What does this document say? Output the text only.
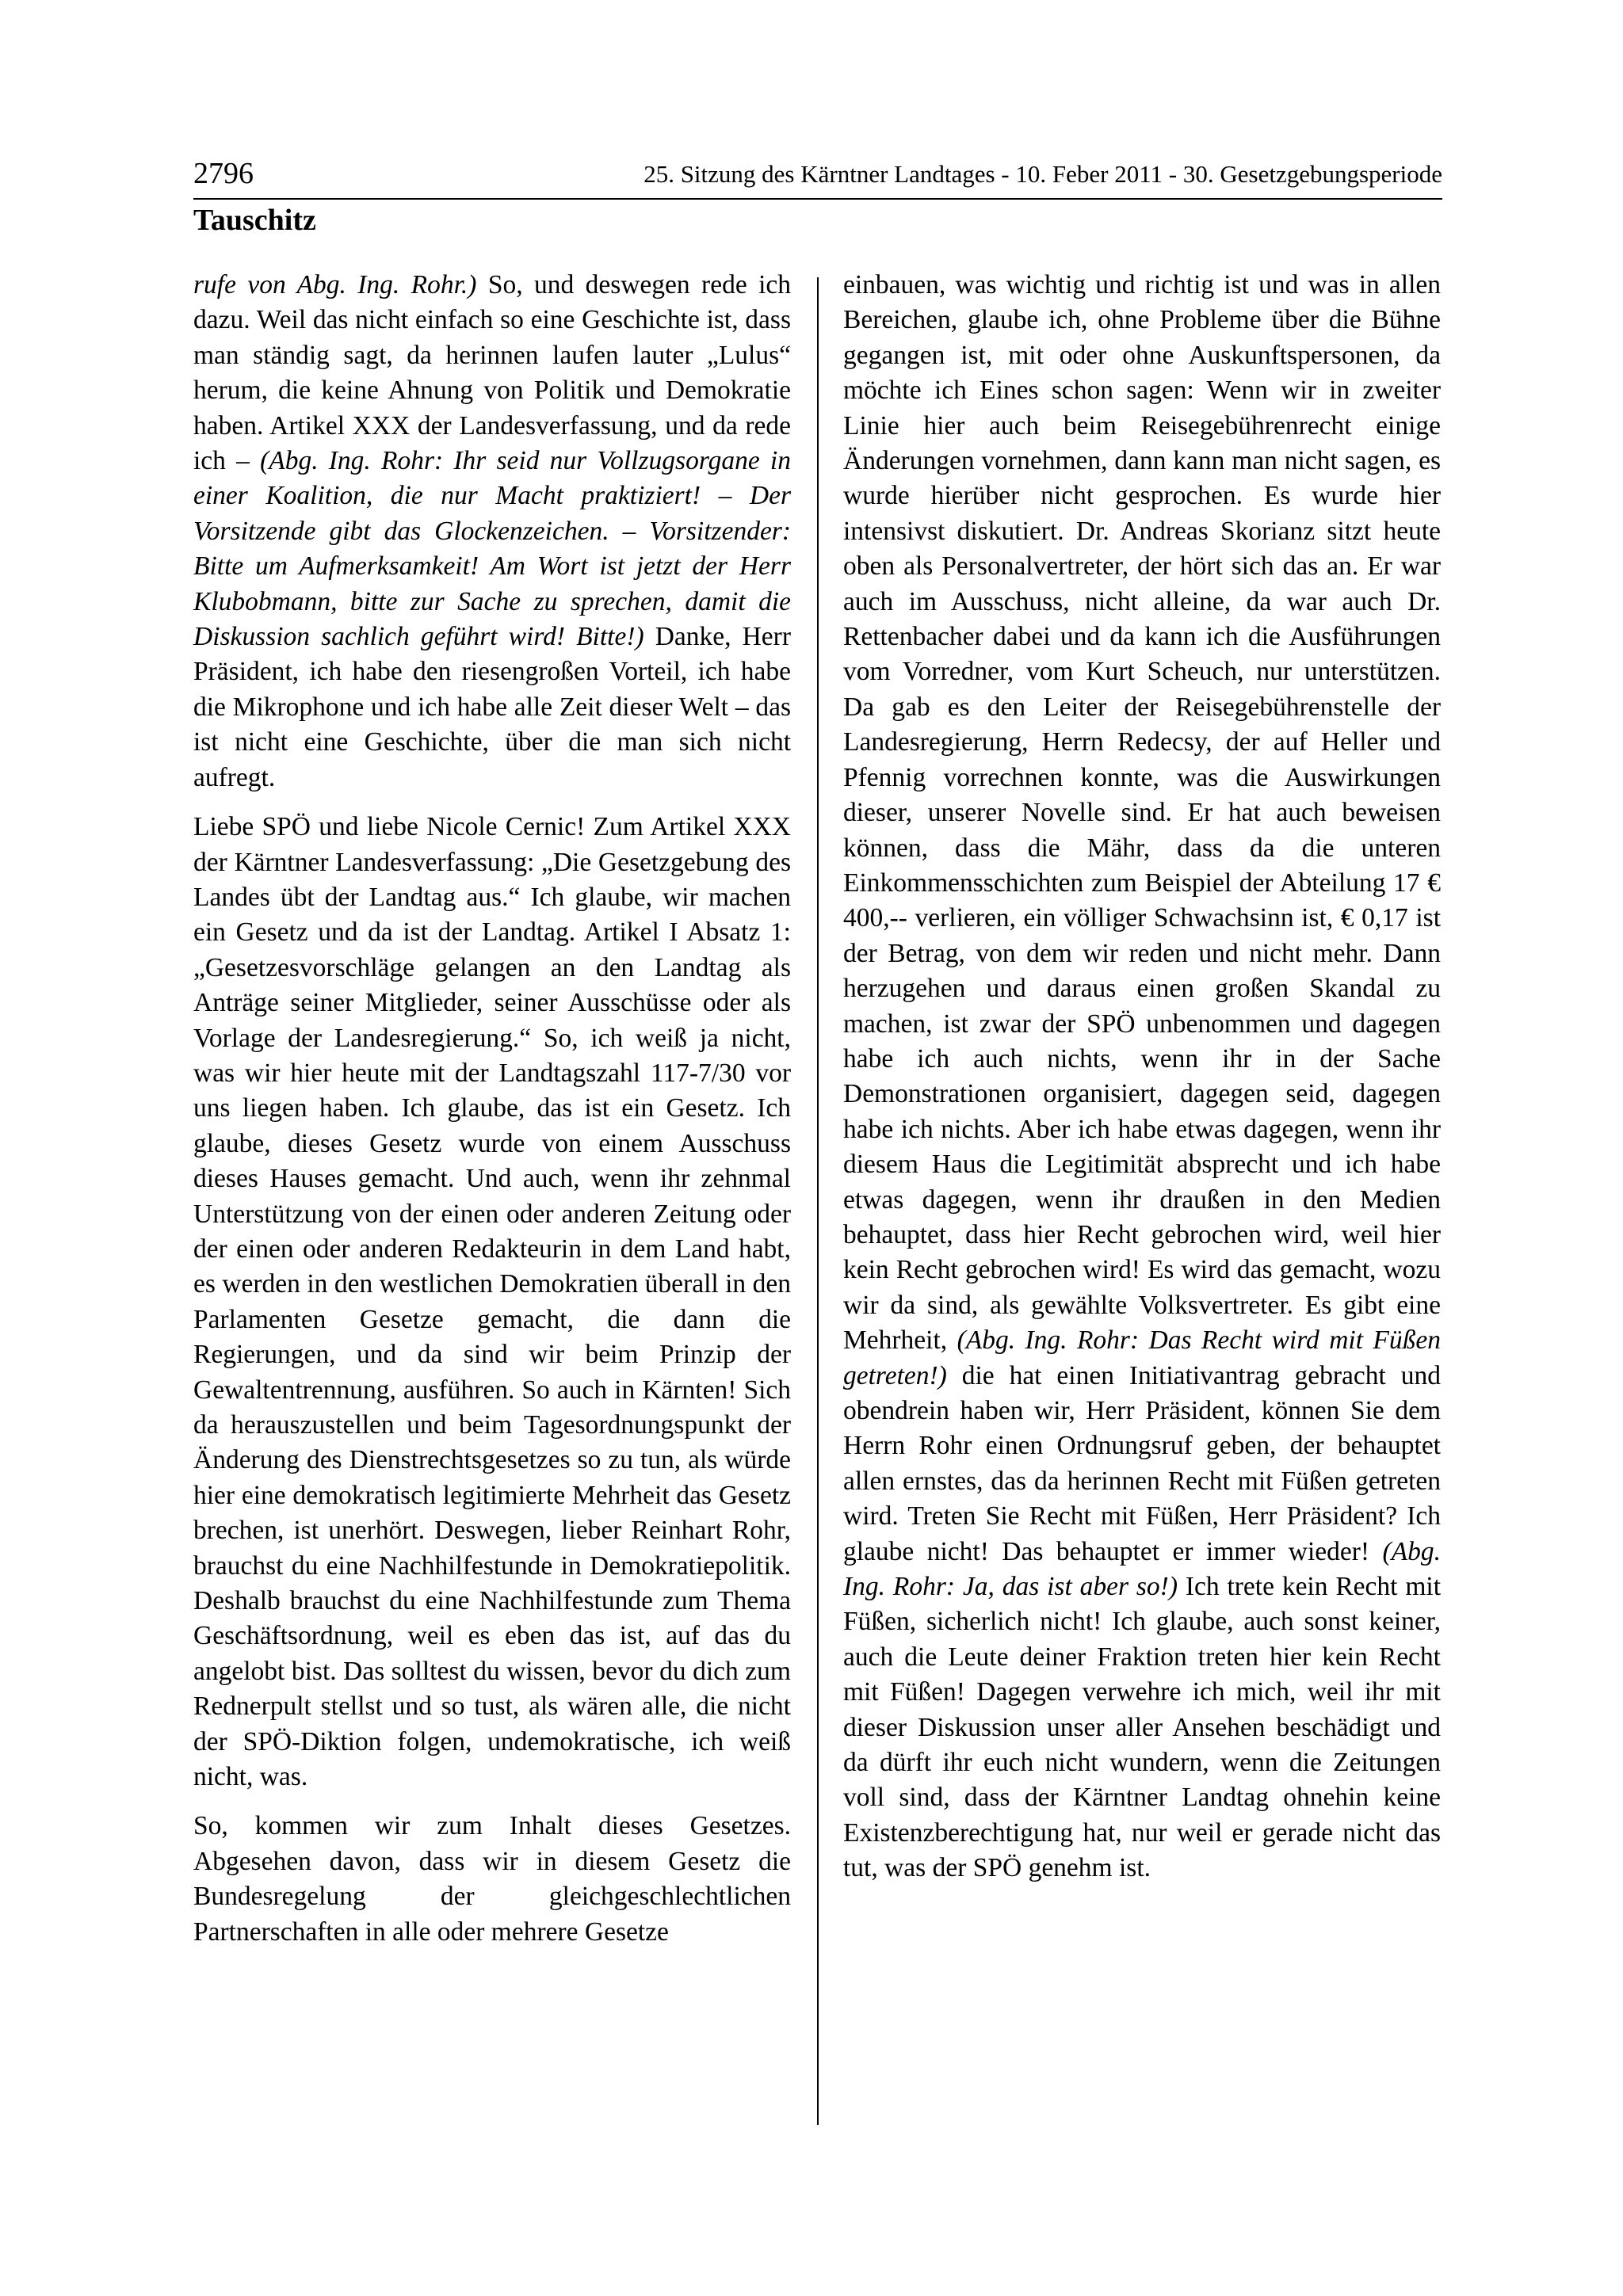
2796	25. Sitzung des Kärntner Landtages - 10. Feber 2011 - 30. Gesetzgebungsperiode
Tauschitz

rufe von Abg. Ing. Rohr.) So, und deswegen rede ich dazu. Weil das nicht einfach so eine Geschichte ist, dass man ständig sagt, da herinnen laufen lauter „Lulus“ herum, die keine Ahnung von Politik und Demokratie haben. Artikel XXX der Landesverfassung, und da rede ich – (Abg. Ing. Rohr: Ihr seid nur Vollzugsorgane in einer Koalition, die nur Macht praktiziert! – Der Vorsitzende gibt das Glockenzeichen. – Vorsitzender: Bitte um Aufmerksamkeit! Am Wort ist jetzt der Herr Klubobmann, bitte zur Sache zu sprechen, damit die Diskussion sachlich geführt wird! Bitte!) Danke, Herr Präsident, ich habe den riesengroßen Vorteil, ich habe die Mikrophone und ich habe alle Zeit dieser Welt – das ist nicht eine Geschichte, über die man sich nicht aufregt.

Liebe SPÖ und liebe Nicole Cernic! Zum Artikel XXX der Kärntner Landesverfassung: „Die Gesetzgebung des Landes übt der Landtag aus.“ Ich glaube, wir machen ein Gesetz und da ist der Landtag. Artikel I Absatz 1: „Gesetzesvorschläge gelangen an den Landtag als Anträge seiner Mitglieder, seiner Ausschüsse oder als Vorlage der Landesregierung.“ So, ich weiß ja nicht, was wir hier heute mit der Landtagszahl 117-7/30 vor uns liegen haben. Ich glaube, das ist ein Gesetz. Ich glaube, dieses Gesetz wurde von einem Ausschuss dieses Hauses gemacht. Und auch, wenn ihr zehnmal Unterstützung von der einen oder anderen Zeitung oder der einen oder anderen Redakteurin in dem Land habt, es werden in den westlichen Demokratien überall in den Parlamenten Gesetze gemacht, die dann die Regierungen, und da sind wir beim Prinzip der Gewaltentrennung, ausführen. So auch in Kärnten! Sich da herauszustellen und beim Tagesordnungspunkt der Änderung des Dienstrechtsgesetzes so zu tun, als würde hier eine demokratisch legitimierte Mehrheit das Gesetz brechen, ist unerhört. Deswegen, lieber Reinhart Rohr, brauchst du eine Nachhilfestunde in Demokratiepolitik. Deshalb brauchst du eine Nachhilfestunde zum Thema Geschäftsordnung, weil es eben das ist, auf das du angelobt bist. Das solltest du wissen, bevor du dich zum Rednerpult stellst und so tust, als wären alle, die nicht der SPÖ-Diktion folgen, undemokratische, ich weiß nicht, was.

So, kommen wir zum Inhalt dieses Gesetzes. Abgesehen davon, dass wir in diesem Gesetz die Bundesregelung der gleichgeschlechtlichen Partnerschaften in alle oder mehrere Gesetze

einbauen, was wichtig und richtig ist und was in allen Bereichen, glaube ich, ohne Probleme über die Bühne gegangen ist, mit oder ohne Auskunftspersonen, da möchte ich Eines schon sagen: Wenn wir in zweiter Linie hier auch beim Reisegebührenrecht einige Änderungen vornehmen, dann kann man nicht sagen, es wurde hierüber nicht gesprochen. Es wurde hier intensivst diskutiert. Dr. Andreas Skorianz sitzt heute oben als Personalvertreter, der hört sich das an. Er war auch im Ausschuss, nicht alleine, da war auch Dr. Rettenbacher dabei und da kann ich die Ausführungen vom Vorredner, vom Kurt Scheuch, nur unterstützen. Da gab es den Leiter der Reisegebührenstelle der Landesregierung, Herrn Redecsy, der auf Heller und Pfennig vorrechnen konnte, was die Auswirkungen dieser, unserer Novelle sind. Er hat auch beweisen können, dass die Mähr, dass da die unteren Einkommensschichten zum Beispiel der Abteilung 17 € 400,-- verlieren, ein völliger Schwachsinn ist, € 0,17 ist der Betrag, von dem wir reden und nicht mehr. Dann herzugehen und daraus einen großen Skandal zu machen, ist zwar der SPÖ unbenommen und dagegen habe ich auch nichts, wenn ihr in der Sache Demonstrationen organisiert, dagegen seid, dagegen habe ich nichts. Aber ich habe etwas dagegen, wenn ihr diesem Haus die Legitimität absprecht und ich habe etwas dagegen, wenn ihr draußen in den Medien behauptet, dass hier Recht gebrochen wird, weil hier kein Recht gebrochen wird! Es wird das gemacht, wozu wir da sind, als gewählte Volksvertreter. Es gibt eine Mehrheit, (Abg. Ing. Rohr: Das Recht wird mit Füßen getreten!) die hat einen Initiativantrag gebracht und obendrein haben wir, Herr Präsident, können Sie dem Herrn Rohr einen Ordnungsruf geben, der behauptet allen ernstes, das da herinnen Recht mit Füßen getreten wird. Treten Sie Recht mit Füßen, Herr Präsident? Ich glaube nicht! Das behauptet er immer wieder! (Abg. Ing. Rohr: Ja, das ist aber so!) Ich trete kein Recht mit Füßen, sicherlich nicht! Ich glaube, auch sonst keiner, auch die Leute deiner Fraktion treten hier kein Recht mit Füßen! Dagegen verwehre ich mich, weil ihr mit dieser Diskussion unser aller Ansehen beschädigt und da dürft ihr euch nicht wundern, wenn die Zeitungen voll sind, dass der Kärntner Landtag ohnehin keine Existenzberechtigung hat, nur weil er gerade nicht das tut, was der SPÖ genehm ist.
